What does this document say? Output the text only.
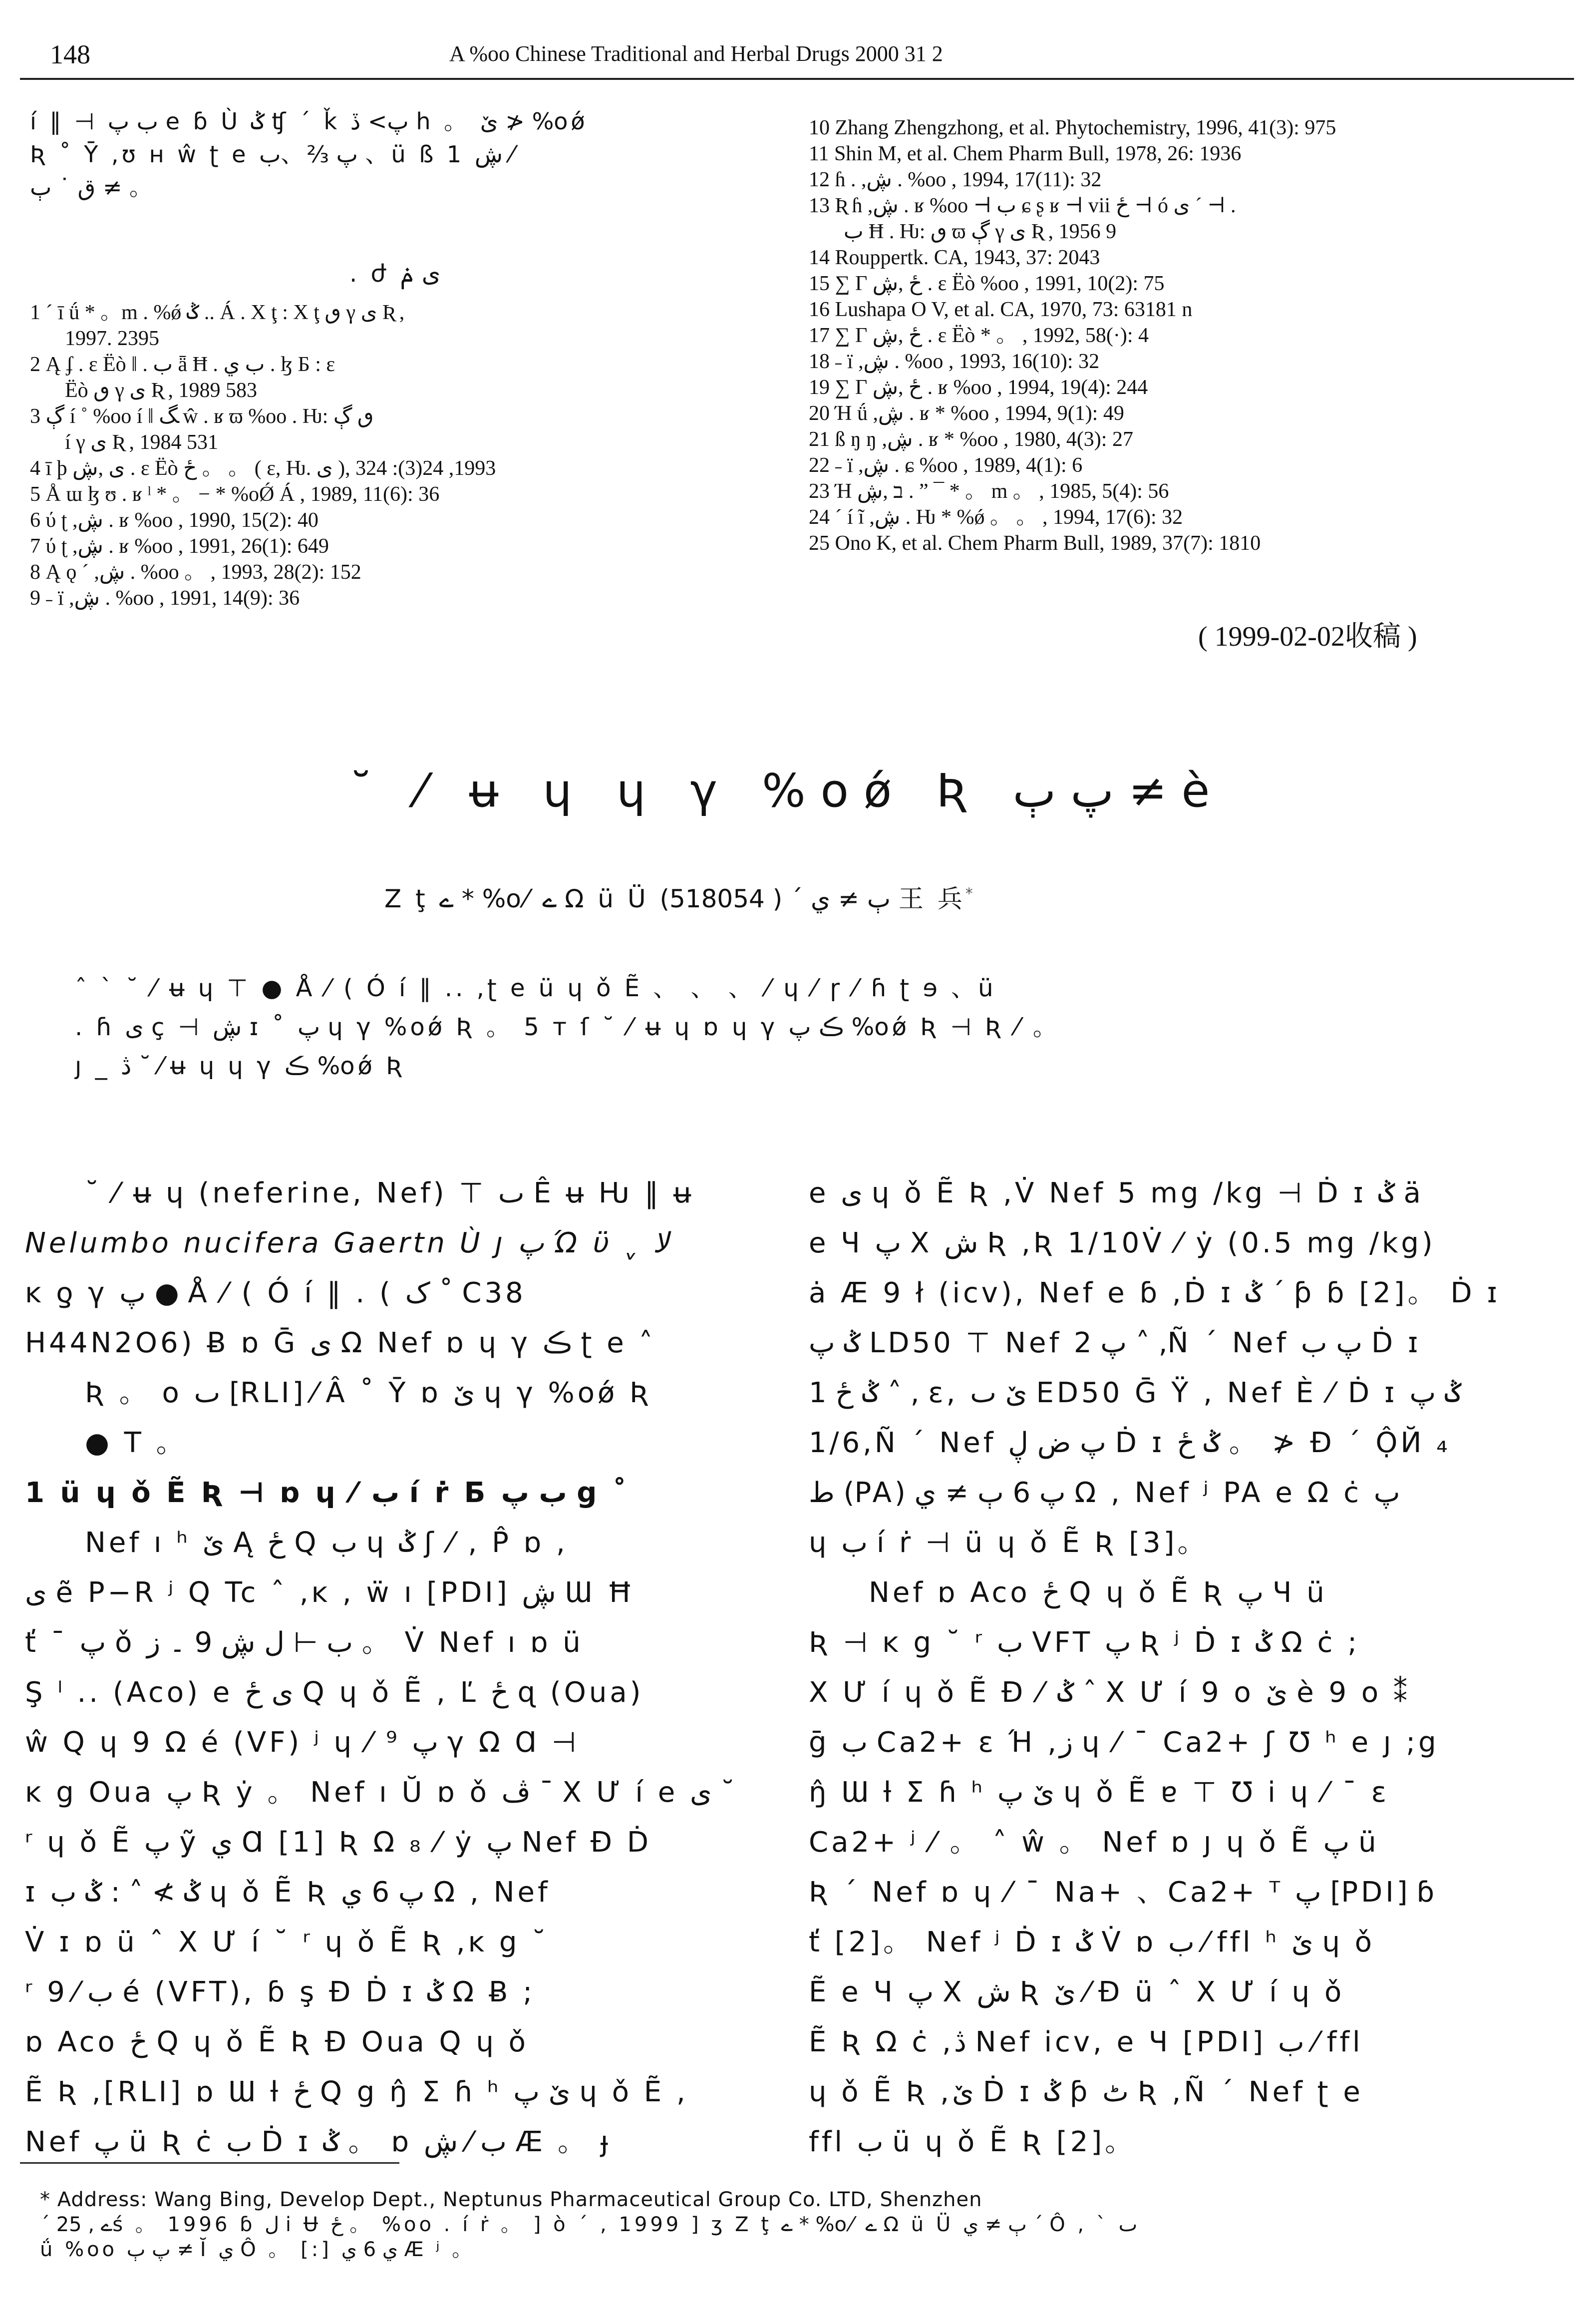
148	A %oo Chinese Traditional and Herbal Drugs 2000 31 2
í ‖ ⊣ ب پ e ɓ Ù ݣ ʧ ˊ ǩ پ> ڏ h 。 ێ ≯ %oǿ
Ʀ ˚ Ȳ ,ʊ ʜ ŵ ʈ e پ ⅔、ب 、ü ß 1 ڜ ⁄
ق ˙ ٻ ≠ 。
. ժ ی ݥ
1 ˊ ī ǘ * 。m . %ǿ ݣ .. Á . Χ ţ : Χ ţ ٯ γ ی Ʀ ,
1997. 2395
2 Ą ʄ . ɛ Ëò ‖ . ب ǟ Ħ . ب ي . ɮ Б : ɛ
Ëò ٯ γ ی Ʀ , 1989 583
3 ڳ í ˚ %oo í ‖ ﮓ ŵ . ʁ ϖ %oo . Ƕ: ٯ ڳ
í γ ی Ʀ , 1984 531
4 ī þ ی ,ڜ . ɛ Ëò ځ 。 。 ( ɛ, Ƕ. ی ), 1993, 24(3): 324
5 Å ɯ ɮ ʊ . ʁ ˡ * 。 − * %oǾ Á , 1989, 11(6): 36
6 ύ ʈ ,ڜ . ʁ %oo , 1990, 15(2): 40
7 ύ ʈ ,ڜ . ʁ %oo , 1991, 26(1): 649
8 Ą ǫ ˊ ,ڜ . %oo 。 , 1993, 28(2): 152
9 ˗ ï ,ڜ . %oo , 1991, 14(9): 36
10 Zhang Zhengzhong, et al. Phytochemistry, 1996, 41(3): 975
11 Shin M, et al. Chem Pharm Bull, 1978, 26: 1936
12 ɦ . ,ڜ . %oo , 1994, 17(11): 32
13 Ʀ ɦ ,ڜ . ʁ %oo ⊣ ب ɕ ʂ ʁ ⊣ vii ځ ⊣ ó ی ˊ ⊣ .
ب Ħ . Ƕ: ٯ ϖ ڳ γ ی Ʀ , 1956 9
14 Rouppertk. CA, 1943, 37: 2043
15 ∑ Γ ځ ,ڜ . ɛ Ëò %oo , 1991, 10(2): 75
16 Lushapa O V, et al. CA, 1970, 73: 63181 n
17 ∑ Γ ځ ,ڜ . ɛ Ëò * 。 , 1992, 58(·): 4
18 ˗ ï ,ڜ . %oo , 1993, 16(10): 32
19 ∑ Γ ځ ,ڜ . ʁ %oo , 1994, 19(4): 244
20 Ή ǘ ,ڜ . ʁ * %oo , 1994, 9(1): 49
21 ß ŋ ŋ ,ڜ . ʁ * %oo , 1980, 4(3): 27
22 ˗ ï ,ڜ . ɕ %oo , 1989, 4(1): 6
23 Ή ב ,ڜ . ” ¯ * 。 m 。 , 1985, 5(4): 56
24 ˊ í ĩ ,ڜ . Ƕ * %ǿ 。 。 , 1994, 17(6): 32
25 Ono K, et al. Chem Pharm Bull, 1989, 37(7): 1810
( 1999-02-02收稿 )
˘ ⁄ ʉ ɥ ɥ γ %oǿ Ʀ پ ٻ ≠ è
Z ţ ے * %o⁄ ے Ω ü Ü ٻ ≠ ي ˊ ( 518054) 王 兵*
ˆ ˋ ˘ ⁄ ʉ ɥ ⊤ ● Å ⁄ ( Ó í ‖ .. ,ʈ e ü ɥ ǒ Ẽ 、 、 、 ⁄ ɥ ⁄ ɼ ⁄ ɦ ʈ ɘ 、ü
. ɦ ی ç ⊣ ڜ ɪ ˚ پ ɥ γ %oǿ Ʀ 。 5 т ſ ˘ ⁄ ʉ ɥ ɒ ɥ γ ڪ پ %oǿ Ʀ ⊣ Ʀ ⁄ 。
ȷ _ ڎ ˘ ⁄ ʉ ɥ ɥ γ ڪ %oǿ Ʀ
˘ ⁄ ʉ ɥ (neferine, Nef) ⊤ ٮ Ê ʉ Ƕ ‖ ʉ
Nelumbo nucifera Gaertn Ù ȷ پ Ώ ϋ ˬ ﻻ
ĸ ƍ γ پ ● Å ⁄ ( Ó í ‖ . ( ک ˚ C38
H44N2O6) Ƀ ɒ Ḡ ی Ω Nef ɒ ɥ γ ڪ ʈ e ˄
Ʀ 。 o ٮ [RLI] ⁄ Â ˚ Ȳ ɒ ێ ɥ γ %oǿ Ʀ
● T 。
1 ü ɥ ǒ Ẽ Ʀ ⊣ ɒ ɥ ⁄ ب í ṙ Б ب پ g ˚
Nef ı ʰ ێ Ą ځ Q ب ɥ ݣ ʃ ⁄ , P̂ ɒ ,
ی ẽ P−R ʲ Q Tc ˆ ,ĸ , ẅ ı [PDI] ڜ Ɯ Ħ
ť ˉ پ ǒ ب ⊣ ل ڜ 9 ۔ ز 。 V̇ Nef ı ɒ ü
Ş ˡ .. (Aco) e ی ځ Q ɥ ǒ Ẽ , Ľ ځ ɋ (Oua)
ŵ Q ɥ 9 Ω é (VF) ʲ ɥ ⁄ ⁹ پ γ Ω Ɑ ⊣
ĸ g Oua پ Ʀ ẏ 。 Nef ı Ŭ ɒ ǒ ڤ ˉ Χ Ư í e ی ˘
ʳ ɥ ǒ Ẽ پ ỹ ي Ɑ [1] Ʀ Ω ₈ ⁄ ẏ پ Nef Ɖ Ḋ
ɪ ݣ ≯ ˄ : ݣ ب ɥ ǒ Ẽ Ʀ پ 6 ي Ω , Nef
V̇ ɪ ɒ ü ˆ Χ Ư í ˘ ʳ ɥ ǒ Ẽ Ʀ ,ĸ g ˘
ʳ ب ⁄ 9 é (VFT), ɓ ş Ɖ Ḋ ɪ ݣ Ω Ƀ ;
ɒ Aco ځ Q ɥ ǒ Ẽ Ʀ Ɖ Oua Q ɥ ǒ
Ẽ Ʀ ,[RLI] ɒ Ɯ ƚ ځ Q g ŋ̂ Σ ɦ ʰ ێ پ ɥ ǒ Ẽ ,
Nef پ ü Ʀ ċ ب Ḋ ɪ ݣ 。 ɒ ب ⁄ ڜ Æ 。 ɟ
e ی ɥ ǒ Ẽ Ʀ ,V̇ Nef 5 mg /kg ⊣ Ḋ ɪ ݣ ä
e Ч پ X ش Ʀ ,Ʀ 1/10V̇ ⁄ ẏ (0.5 mg /kg)
ȧ Æ 9 ł (icv), Nef e ɓ ,Ḋ ɪ ݣ ˊ ƥ ɓ [2]。 Ḋ ɪ
ݣ پ LD50 ⊤ Nef پ 2 ˄ ,Ñ ˊ Nef پ ب Ḋ ɪ
ݣ ځ 1 ˄ , ɛ, ێ ٮ ED50 Ḡ Ÿ , Nef È ⁄ Ḋ ɪ ݣ پ
1/6,Ñ ˊ Nef پ ض ڸ Ḋ ɪ ݣ ځ 。 ≯ Ɖ ˊ ỘЙ ₄
ط (PA) پ 6 ٻ ≠ ي Ω , Nef ʲ PA e Ω ċ پ
ɥ ب í ṙ ⊣ ü ɥ ǒ Ẽ Ʀ [3]。
Nef ɒ Aco ځ Q ɥ ǒ Ẽ Ʀ پ Ч ü
Ʀ ⊣ ĸ g ˘ ʳ ب VFT پ Ʀ ʲ Ḋ ɪ ݣ Ω ċ ;
Χ Ư í ɥ ǒ Ẽ Ɖ ⁄ ݣ ˆ Χ Ư í 9 o ێ è 9 o ⁑
ḡ ب Ca2+ ɛ Ή ,ز ɥ ⁄ ˉ Ca2+ ʃ Ʊ ʰ e ȷ ;g
ŋ̂ Ɯ ƚ Σ ɦ ʰ ێ پ ɥ ǒ Ẽ ɐ ⊤ Ʊ i ɥ ⁄ ˉ ɛ
Ca2+ ʲ ⁄ 。 ˄ ŵ 。 Nef ɒ ȷ ɥ ǒ Ẽ پ ü
Ʀ ˊ Nef ɒ ɥ ⁄ ˉ Na+ 、Ca2+ ᵀ پ [PDI] ɓ
ť [2]。 Nef ʲ Ḋ ɪ ݣ V̇ ɒ ب ⁄ ffl ʰ ێ ɥ ǒ
Ẽ e Ч پ X ش Ʀ ێ ⁄ Ɖ ü ˆ Χ Ư í ɥ ǒ
Ẽ Ʀ Ω ċ ,ڎ Nef icv, e Ч [PDI] ب ⁄ ffl
ɥ ǒ Ẽ Ʀ ,ێ Ḋ ɪ ݣ ƥ ٹ Ʀ ,Ñ ˊ Nef ʈ e
ffl ب ü ɥ ǒ Ẽ Ʀ [2]。
* Address: Wang Bing, Develop Dept., Neptunus Pharmaceutical Group Co. LTD, Shenzhen
ˊ ے , 25ś 。 1996 ɓ ل i Ʉ ځ 。 %oo . í ṙ 。 ] ò ˊ , 1999 ] ʒ Z ţ ے * %o⁄ ے Ω ü Ü ٻ ≠ ي ˊ Ô , ˋ ٮ
ǘ %oo پ ٻ ≠ Ĭ ي Ô 。 [:] ي 6 ي Æ ʲ 。
